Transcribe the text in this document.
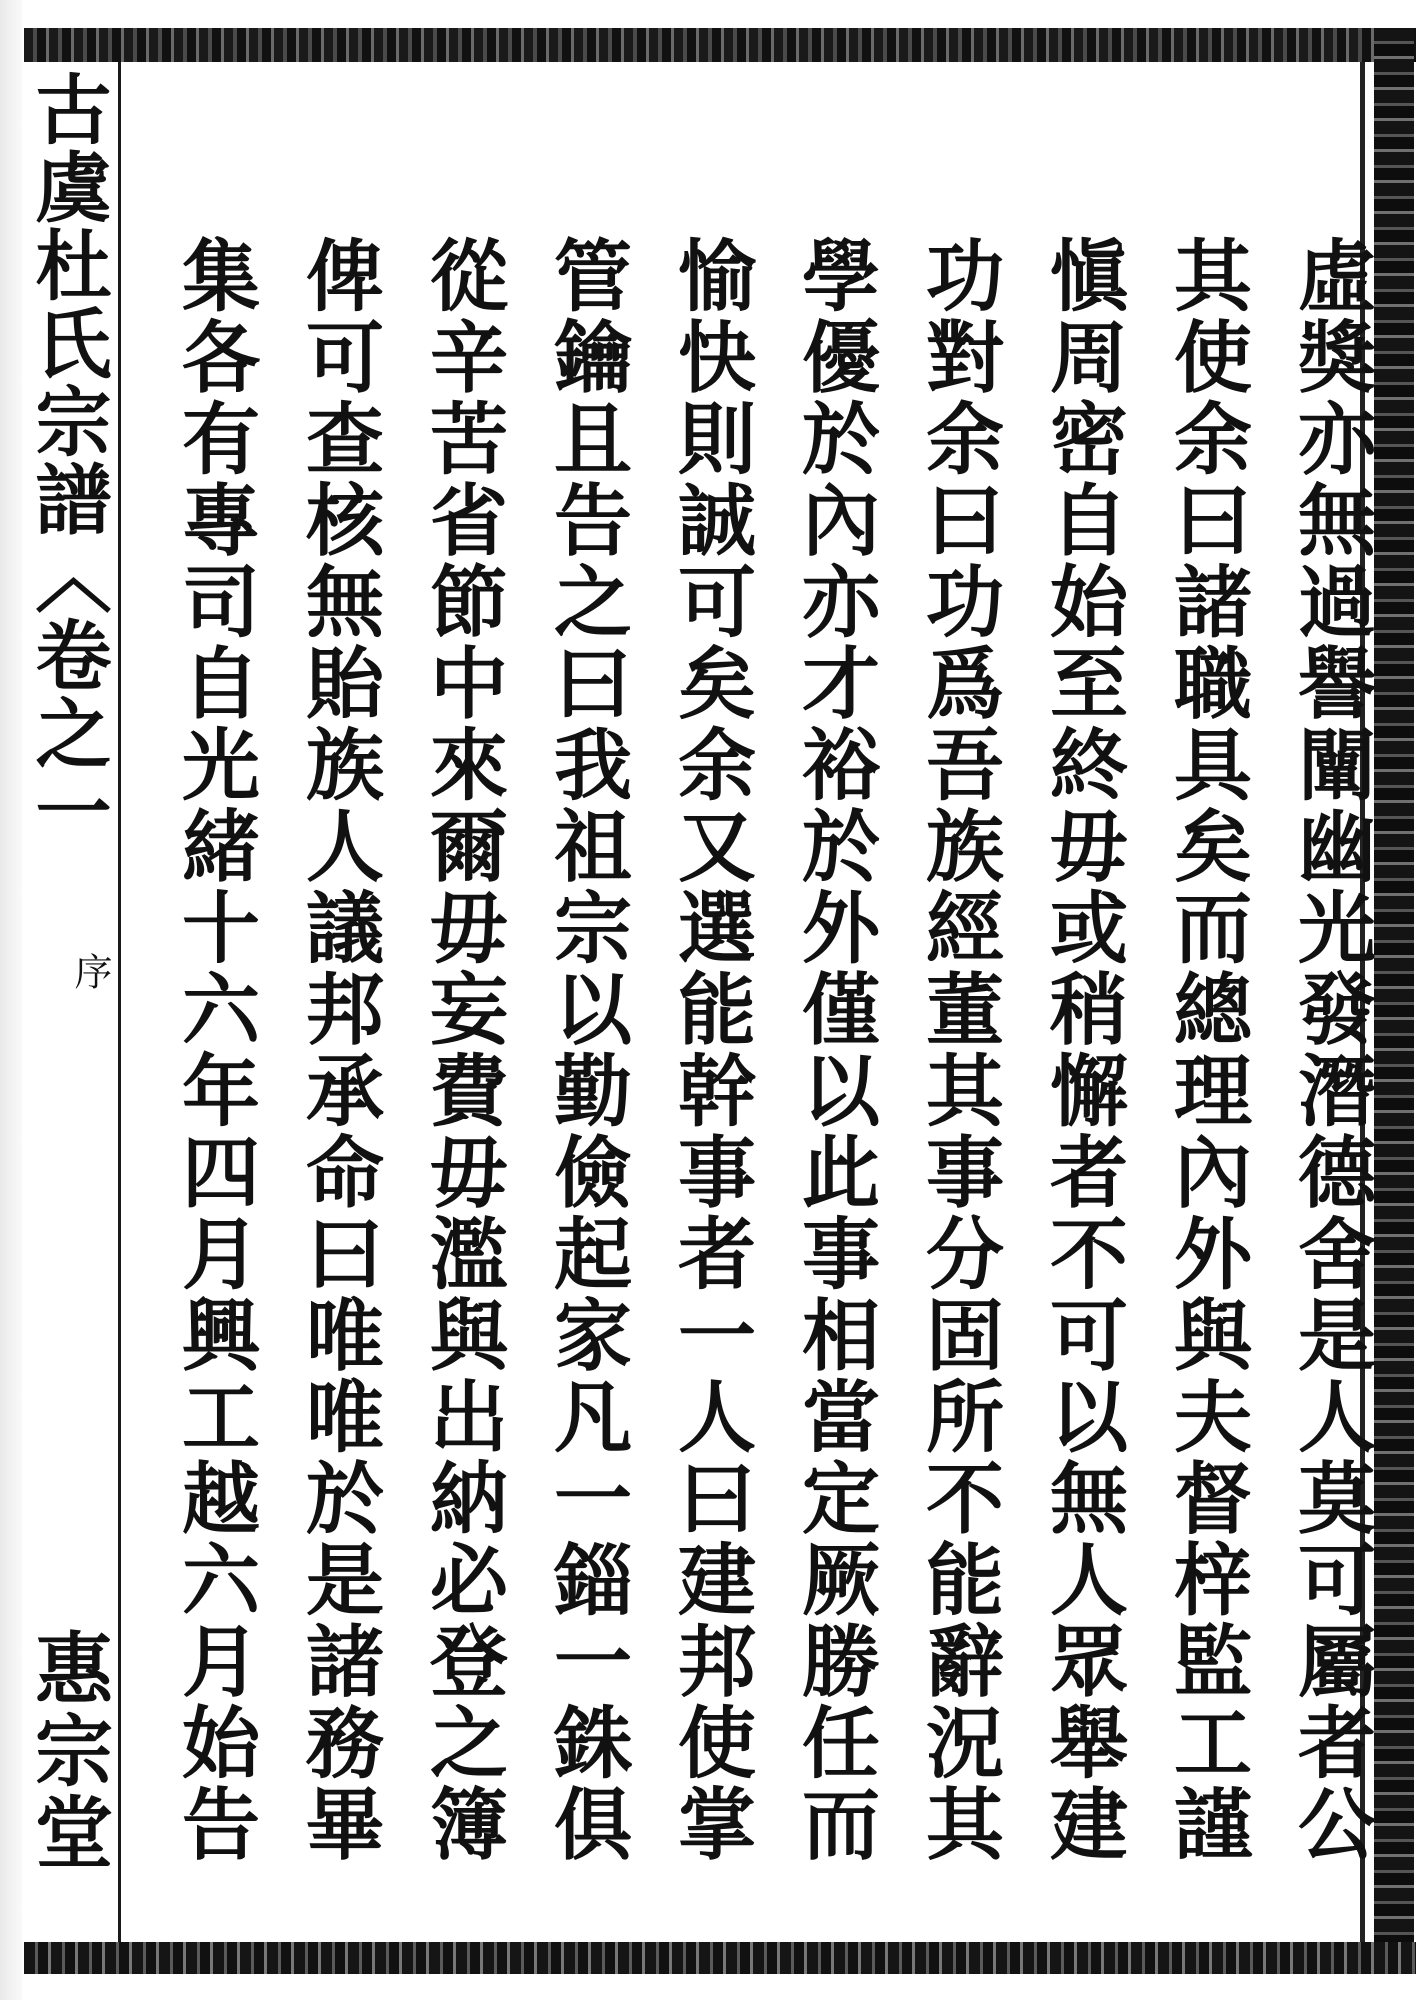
古虞杜氏宗譜〈卷之一
序
惠宗堂	虛獎亦無過譽闡幽光發潛德舍是人莫可屬者公
其使余曰諸職具矣而總理內外與夫督梓監工謹
愼周密自始至終毋或稍懈者不可以無人眾舉建
功對余曰功爲吾族經董其事分固所不能辭況其
學優於內亦才裕於外僅以此事相當定厥勝任而
愉快則誠可矣余又選能幹事者一人曰建邦使掌
管鑰且告之曰我祖宗以勤儉起家凡一錙一銖俱
從辛苦省節中來爾毋妄費毋濫與出納必登之簿
俾可查核無貽族人議邦承命曰唯唯於是諸務畢
集各有專司自光緒十六年四月興工越六月始告
